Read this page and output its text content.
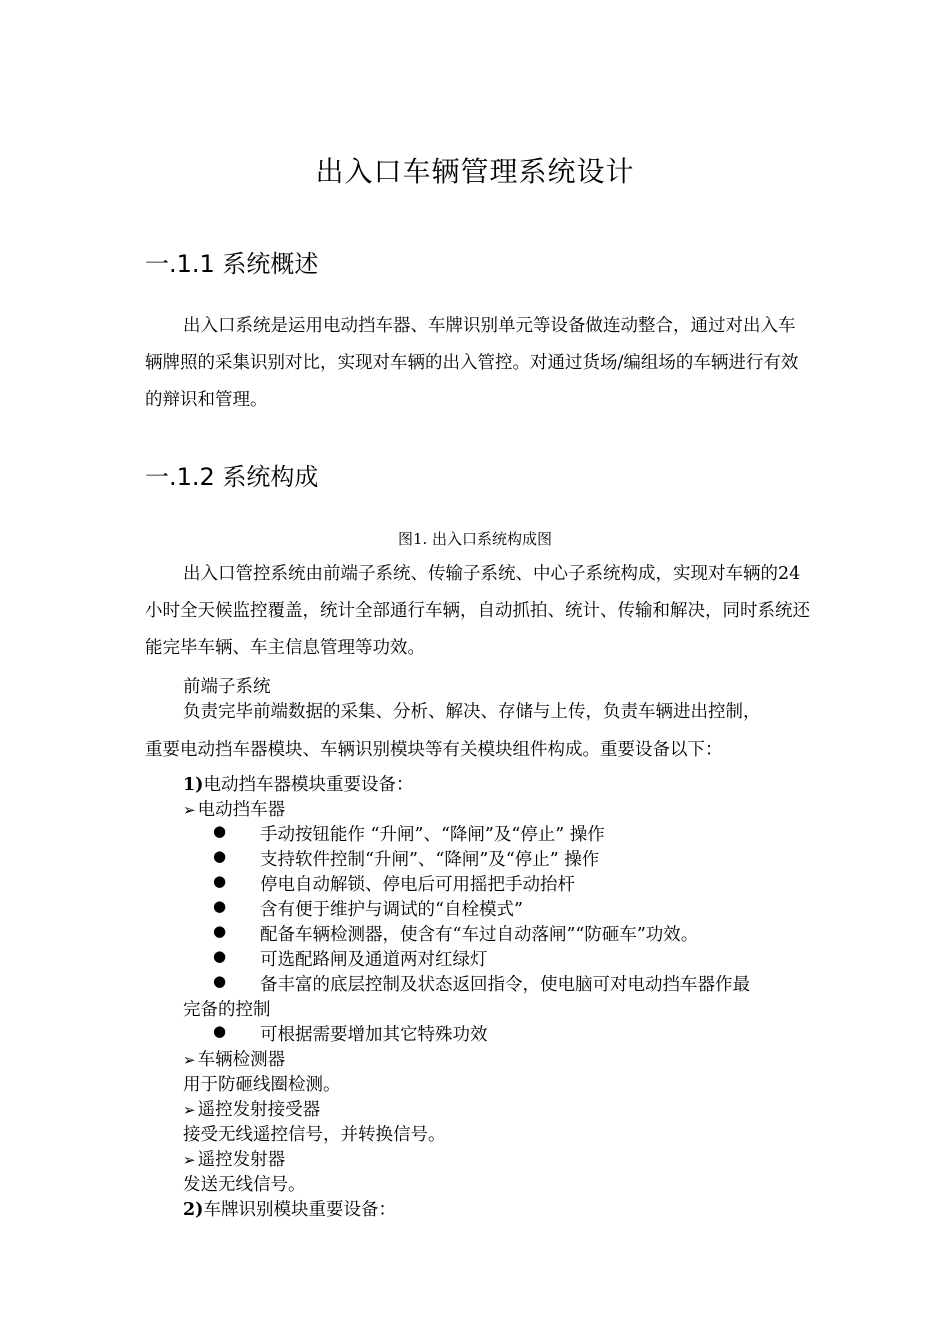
出入口车辆管理系统设计
一.1.1 系统概述
出入口系统是运用电动挡车器、车牌识别单元等设备做连动整合，通过对出入车辆牌照的采集识别对比，实现对车辆的出入管控。对通过货场/编组场的车辆进行有效的辩识和管理。
一.1.2 系统构成
图1. 出入口系统构成图
出入口管控系统由前端子系统、传输子系统、中心子系统构成，实现对车辆的24小时全天候监控覆盖，统计全部通行车辆，自动抓拍、统计、传输和解决，同时系统还能完毕车辆、车主信息管理等功效。
前端子系统
负责完毕前端数据的采集、分析、解决、存储与上传，负责车辆进出控制，
重要电动挡车器模块、车辆识别模块等有关模块组件构成。重要设备以下：
1)电动挡车器模块重要设备：
➢ 电动挡车器
● 手动按钮能作 “升闸”、“降闸”及“停止” 操作
● 支持软件控制“升闸”、“降闸”及“停止” 操作
● 停电自动解锁、停电后可用摇把手动抬杆
● 含有便于维护与调试的“自栓模式”
● 配备车辆检测器，使含有“车过自动落闸”“防砸车”功效。
● 可选配路闸及通道两对红绿灯
● 备丰富的底层控制及状态返回指令，使电脑可对电动挡车器作最
完备的控制
● 可根据需要增加其它特殊功效
➢ 车辆检测器
用于防砸线圈检测。
➢ 遥控发射接受器
接受无线遥控信号，并转换信号。
➢ 遥控发射器
发送无线信号。
2)车牌识别模块重要设备：
